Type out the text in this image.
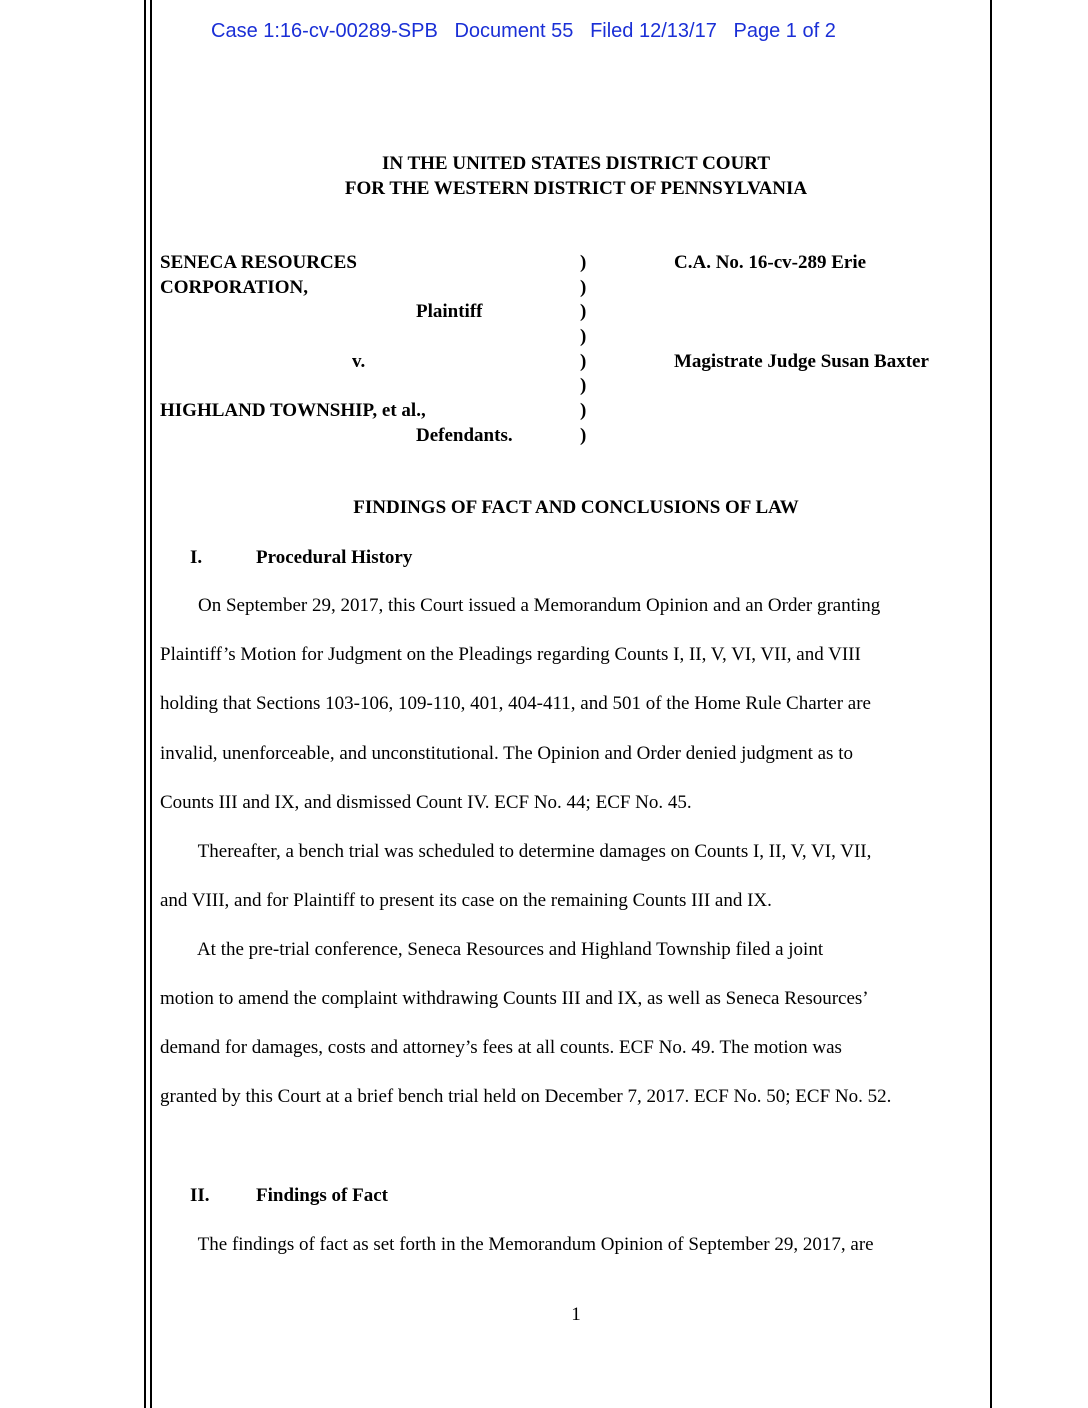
Case 1:16-cv-00289-SPB   Document 55   Filed 12/13/17   Page 1 of 2
IN THE UNITED STATES DISTRICT COURT
FOR THE WESTERN DISTRICT OF PENNSYLVANIA
SENECA RESOURCES
CORPORATION,
Plaintiff
v.
HIGHLAND TOWNSHIP, et al.,
Defendants.
)
)
)
)
)
)
)
)
C.A. No. 16-cv-289 Erie
Magistrate Judge Susan Baxter
FINDINGS OF FACT AND CONCLUSIONS OF LAW
I.	Procedural History
On September 29, 2017, this Court issued a Memorandum Opinion and an Order granting
Plaintiff’s Motion for Judgment on the Pleadings regarding Counts I, II, V, VI, VII, and VIII
holding that Sections 103-106, 109-110, 401, 404-411, and 501 of the Home Rule Charter are
invalid, unenforceable, and unconstitutional. The Opinion and Order denied judgment as to
Counts III and IX, and dismissed Count IV. ECF No. 44; ECF No. 45.
Thereafter, a bench trial was scheduled to determine damages on Counts I, II, V, VI, VII,
and VIII, and for Plaintiff to present its case on the remaining Counts III and IX.
At the pre-trial conference, Seneca Resources and Highland Township filed a joint
motion to amend the complaint withdrawing Counts III and IX, as well as Seneca Resources’
demand for damages, costs and attorney’s fees at all counts. ECF No. 49. The motion was
granted by this Court at a brief bench trial held on December 7, 2017. ECF No. 50; ECF No. 52.
II. Findings of Fact
The findings of fact as set forth in the Memorandum Opinion of September 29, 2017, are
1
